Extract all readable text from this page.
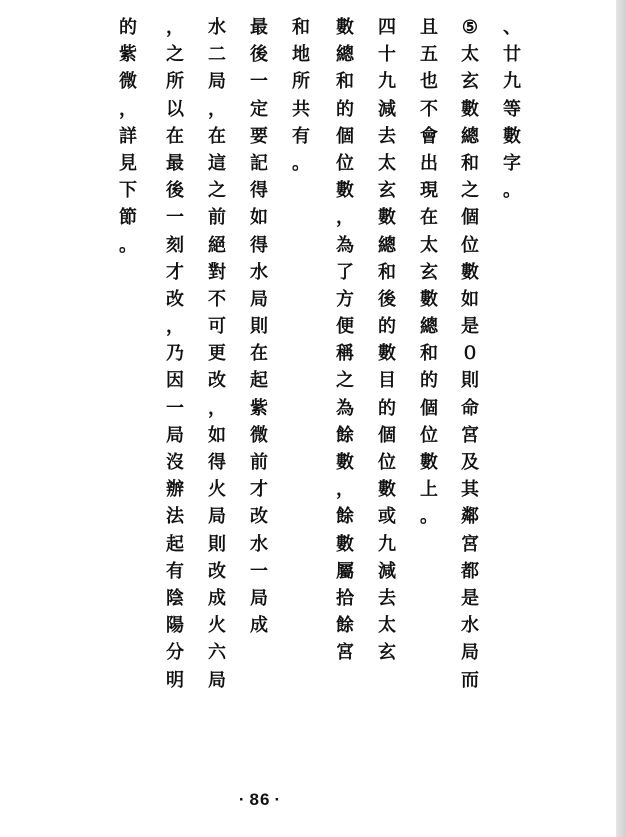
、
廿
九
等
數
字
。
⑤
太
玄
數
總
和
之
個
位
數
如
是
０
則
命
宮
及
其
鄰
宮
都
是
水
局
而
且
五
也
不
會
出
現
在
太
玄
數
總
和
的
個
位
數
上
。
四
十
九
減
去
太
玄
數
總
和
後
的
數
目
的
個
位
數
或
九
減
去
太
玄
數
總
和
的
個
位
數
，
為
了
方
便
稱
之
為
餘
數
，
餘
數
屬
拾
餘
宮
和
地
所
共
有
。
最
後
一
定
要
記
得
如
得
水
局
則
在
起
紫
微
前
才
改
水
一
局
成
水
二
局
，
在
這
之
前
絕
對
不
可
更
改
，
如
得
火
局
則
改
成
火
六
局
，
之
所
以
在
最
後
一
刻
才
改
，
乃
因
一
局
沒
辦
法
起
有
陰
陽
分
明
的
紫
微
，
詳
見
下
節
。
· 86 ·
